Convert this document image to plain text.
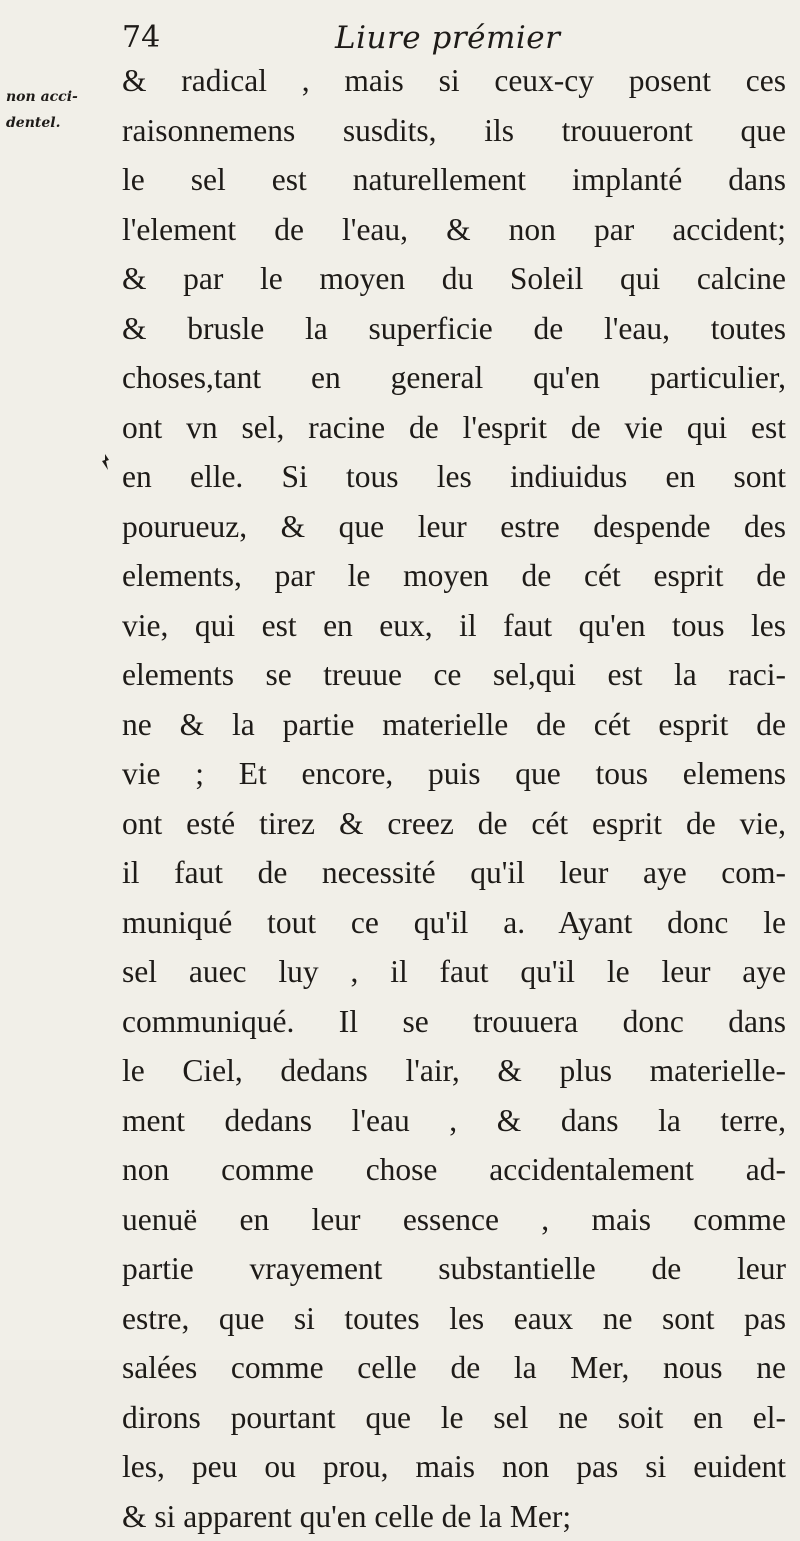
74	Liure prémier
non acci-
dentel.
& radical , mais si ceux-cy posent ces
raisonnemens susdits, ils trouueront que
le sel est naturellement implanté dans
l'element de l'eau, & non par accident;
& par le moyen du Soleil qui calcine
& brusle la superficie de l'eau, toutes
choses,tant en general qu'en particulier,
ont vn sel, racine de l'esprit de vie qui est
en elle. Si tous les indiuidus en sont
pourueuz, & que leur estre despende des
elements, par le moyen de cét esprit de
vie, qui est en eux, il faut qu'en tous les
elements se treuue ce sel,qui est la raci-
ne & la partie materielle de cét esprit de
vie ; Et encore, puis que tous elemens
ont esté tirez & creez de cét esprit de vie,
il faut de necessité qu'il leur aye com-
muniqué tout ce qu'il a. Ayant donc le
sel auec luy , il faut qu'il le leur aye
communiqué. Il se trouuera donc dans
le Ciel, dedans l'air, & plus materielle-
ment dedans l'eau , & dans la terre,
non comme chose accidentalement ad-
uenuë en leur essence , mais comme
partie vrayement substantielle de leur
estre, que si toutes les eaux ne sont pas
salées comme celle de la Mer, nous ne
dirons pourtant que le sel ne soit en el-
les, peu ou prou, mais non pas si euident
& si apparent qu'en celle de la Mer;
